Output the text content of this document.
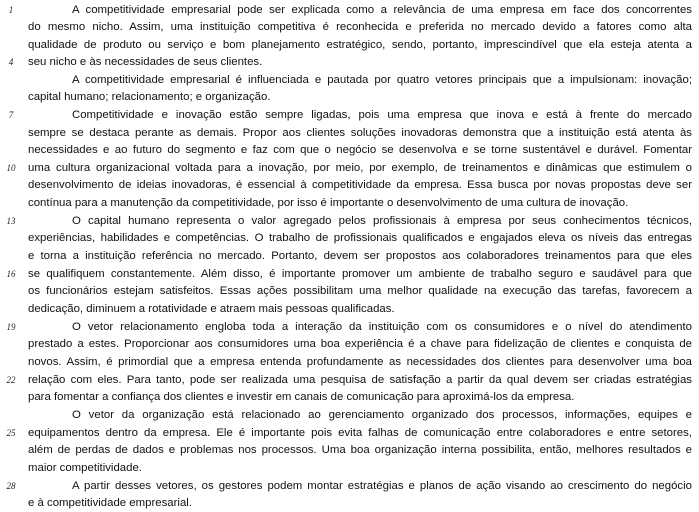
1
4
7
10
13
16
19
22
25
28
A competitividade empresarial pode ser explicada como a relevância de uma empresa em face dos concorrentes
do mesmo nicho. Assim, uma instituição competitiva é reconhecida e preferida no mercado devido a fatores como alta
qualidade de produto ou serviço e bom planejamento estratégico, sendo, portanto, imprescindível que ela esteja atenta a
seu nicho e às necessidades de seus clientes.
A competitividade empresarial é influenciada e pautada por quatro vetores principais que a impulsionam: inovação;
capital humano; relacionamento; e organização.
Competitividade e inovação estão sempre ligadas, pois uma empresa que inova e está à frente do mercado
sempre se destaca perante as demais. Propor aos clientes soluções inovadoras demonstra que a instituição está atenta às
necessidades e ao futuro do segmento e faz com que o negócio se desenvolva e se torne sustentável e durável. Fomentar
uma cultura organizacional voltada para a inovação, por meio, por exemplo, de treinamentos e dinâmicas que estimulem o
desenvolvimento de ideias inovadoras, é essencial à competitividade da empresa. Essa busca por novas propostas deve ser
contínua para a manutenção da competitividade, por isso é importante o desenvolvimento de uma cultura de inovação.
O capital humano representa o valor agregado pelos profissionais à empresa por seus conhecimentos técnicos,
experiências, habilidades e competências. O trabalho de profissionais qualificados e engajados eleva os níveis das entregas
e torna a instituição referência no mercado. Portanto, devem ser propostos aos colaboradores treinamentos para que eles
se qualifiquem constantemente. Além disso, é importante promover um ambiente de trabalho seguro e saudável para que
os funcionários estejam satisfeitos. Essas ações possibilitam uma melhor qualidade na execução das tarefas, favorecem a
dedicação, diminuem a rotatividade e atraem mais pessoas qualificadas.
O vetor relacionamento engloba toda a interação da instituição com os consumidores e o nível do atendimento
prestado a estes. Proporcionar aos consumidores uma boa experiência é a chave para fidelização de clientes e conquista de
novos. Assim, é primordial que a empresa entenda profundamente as necessidades dos clientes para desenvolver uma boa
relação com eles. Para tanto, pode ser realizada uma pesquisa de satisfação a partir da qual devem ser criadas estratégias
para fomentar a confiança dos clientes e investir em canais de comunicação para aproximá-los da empresa.
O vetor da organização está relacionado ao gerenciamento organizado dos processos, informações, equipes e
equipamentos dentro da empresa. Ele é importante pois evita falhas de comunicação entre colaboradores e entre setores,
além de perdas de dados e problemas nos processos. Uma boa organização interna possibilita, então, melhores resultados e
maior competitividade.
A partir desses vetores, os gestores podem montar estratégias e planos de ação visando ao crescimento do negócio
e à competitividade empresarial.
